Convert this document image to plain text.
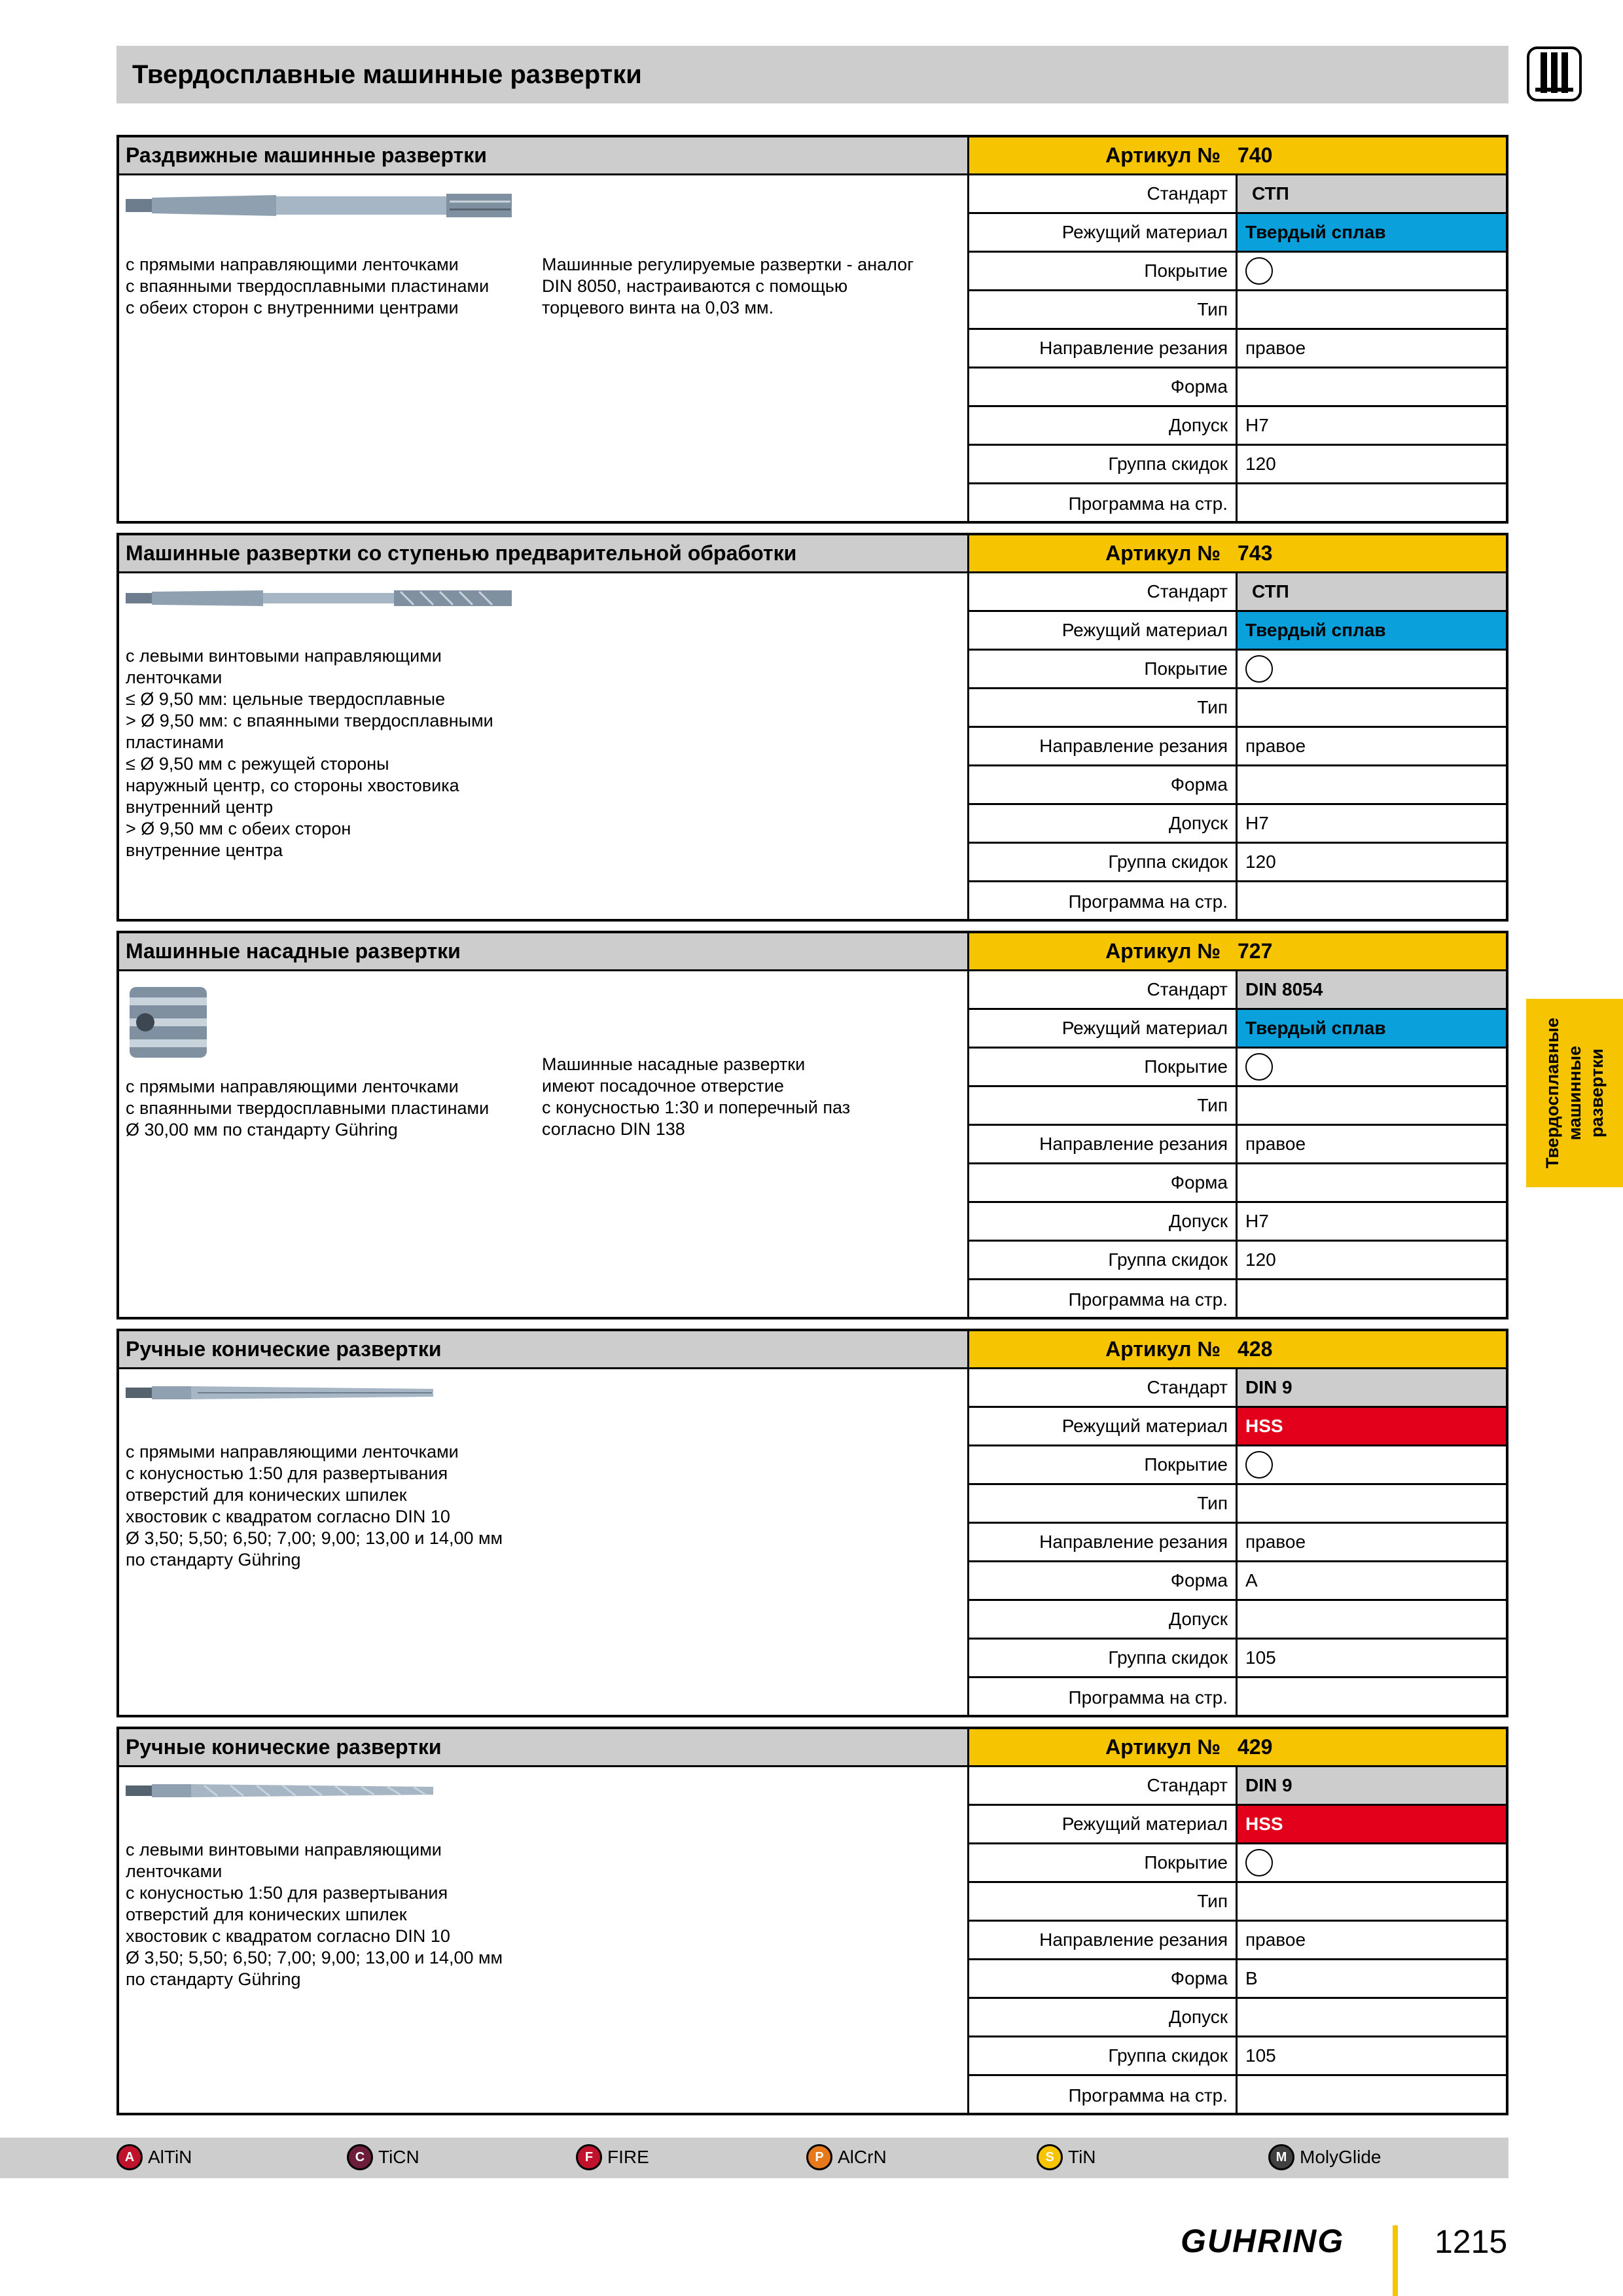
Твердосплавные машинные развертки
Твердосплавные машинные развертки
Раздвижные машинные развертки	Артикул № 740
с прямыми направляющими ленточками
с впаянными твердосплавными пластинами
с обеих сторон с внутренними центрами
Машинные регулируемые развертки - аналог
DIN 8050, настраиваются с помощью
торцевого винта на 0,03 мм.
Стандарт	СТП
Режущий материал Твердый сплав
Покрытие
Тип
Направление резания правое
Форма
Допуск H7
Группа скидок 120
Программа на стр.
Машинные развертки со ступенью предварительной обработки	Артикул № 743
с левыми винтовыми направляющими
ленточками
≤ Ø 9,50 мм: цельные твердосплавные
> Ø 9,50 мм: с впаянными твердосплавными
пластинами
≤ Ø 9,50 мм с режущей стороны
наружный центр, со стороны хвостовика
внутренний центр
> Ø 9,50 мм с обеих сторон
внутренние центра
Стандарт	СТП
Режущий материал Твердый сплав
Покрытие
Тип
Направление резания правое
Форма
Допуск H7
Группа скидок 120
Программа на стр.
Машинные насадные развертки	Артикул № 727
с прямыми направляющими ленточками
с впаянными твердосплавными пластинами
Ø 30,00 мм по стандарту Gühring
Машинные насадные развертки
имеют посадочное отверстие
с конусностью 1:30 и поперечный паз
согласно DIN 138
Стандарт DIN 8054
Режущий материал Твердый сплав
Покрытие
Тип
Направление резания правое
Форма
Допуск H7
Группа скидок 120
Программа на стр.
Ручные конические развертки	Артикул № 428
с прямыми направляющими ленточками
с конусностью 1:50 для развертывания
отверстий для конических шпилек
хвостовик с квадратом согласно DIN 10
Ø 3,50; 5,50; 6,50; 7,00; 9,00; 13,00 и 14,00 мм
по стандарту Gühring
Стандарт DIN 9
Режущий материал HSS
Покрытие
Тип
Направление резания правое
Форма A
Допуск
Группа скидок 105
Программа на стр.
Ручные конические развертки	Артикул № 429
с левыми винтовыми направляющими
ленточками
с конусностью 1:50 для развертывания
отверстий для конических шпилек
хвостовик с квадратом согласно DIN 10
Ø 3,50; 5,50; 6,50; 7,00; 9,00; 13,00 и 14,00 мм
по стандарту Gühring
Стандарт DIN 9
Режущий материал HSS
Покрытие
Тип
Направление резания правое
Форма B
Допуск
Группа скидок 105
Программа на стр.
A AlTiN	C TiCN	F FIRE	P AlCrN	S TiN	M MolyGlide
GUHRING	1215
